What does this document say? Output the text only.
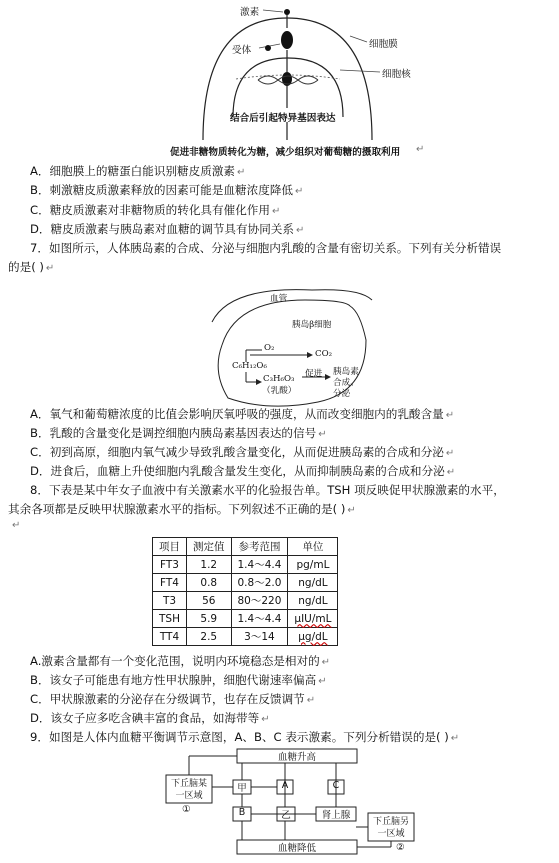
激素
受体
细胞膜
细胞核
结合后引起特异基因表达
促进非糖物质转化为糖，减少组织对葡萄糖的摄取利用 ↵
A．细胞膜上的糖蛋白能识别糖皮质激素 ↵
B．刺激糖皮质激素释放的因素可能是血糖浓度降低 ↵
C．糖皮质激素对非糖物质的转化具有催化作用 ↵
D．糖皮质激素与胰岛素对血糖的调节具有协同关系 ↵
7．如图所示，人体胰岛素的合成、分泌与细胞内乳酸的含量有密切关系。下列有关分析错误
的是( ) ↵
血管
胰岛β细胞
O₂
CO₂
C₆H₁₂O₆
C₃H₆O₃
（乳酸）
促进 胰岛素
合成、
分泌
A．氧气和葡萄糖浓度的比值会影响厌氧呼吸的强度，从而改变细胞内的乳酸含量 ↵
B．乳酸的含量变化是调控细胞内胰岛素基因表达的信号 ↵
C．初到高原，细胞内氧气减少导致乳酸含量变化，从而促进胰岛素的合成和分泌 ↵
D．进食后，血糖上升使细胞内乳酸含量发生变化，从而抑制胰岛素的合成和分泌 ↵
8．下表是某中年女子血液中有关激素水平的化验报告单。TSH 项反映促甲状腺激素的水平，
其余各项都是反映甲状腺激素水平的指标。下列叙述不正确的是( ) ↵
↵
项目	测定值	参考范围	单位
FT3	1.2	1.4～4.4	pg/mL
FT4	0.8	0.8～2.0	ng/dL
T3	56	80～220	ng/dL
TSH	5.9	1.4～4.4	μIU/mL
TT4	2.5	3～14	μg/dL
A.激素含量都有一个变化范围，说明内环境稳态是相对的 ↵
B．该女子可能患有地方性甲状腺肿，细胞代谢速率偏高 ↵
C．甲状腺激素的分泌存在分级调节，也存在反馈调节 ↵
D．该女子应多吃含碘丰富的食品，如海带等 ↵
9．如图是人体内血糖平衡调节示意图，A、B、C 表示激素。下列分析错误的是( ) ↵
血糖升高
血糖降低
下丘脑某
一区域
①
下丘脑另
一区域
②
甲
B
A
乙
C
肾上腺
